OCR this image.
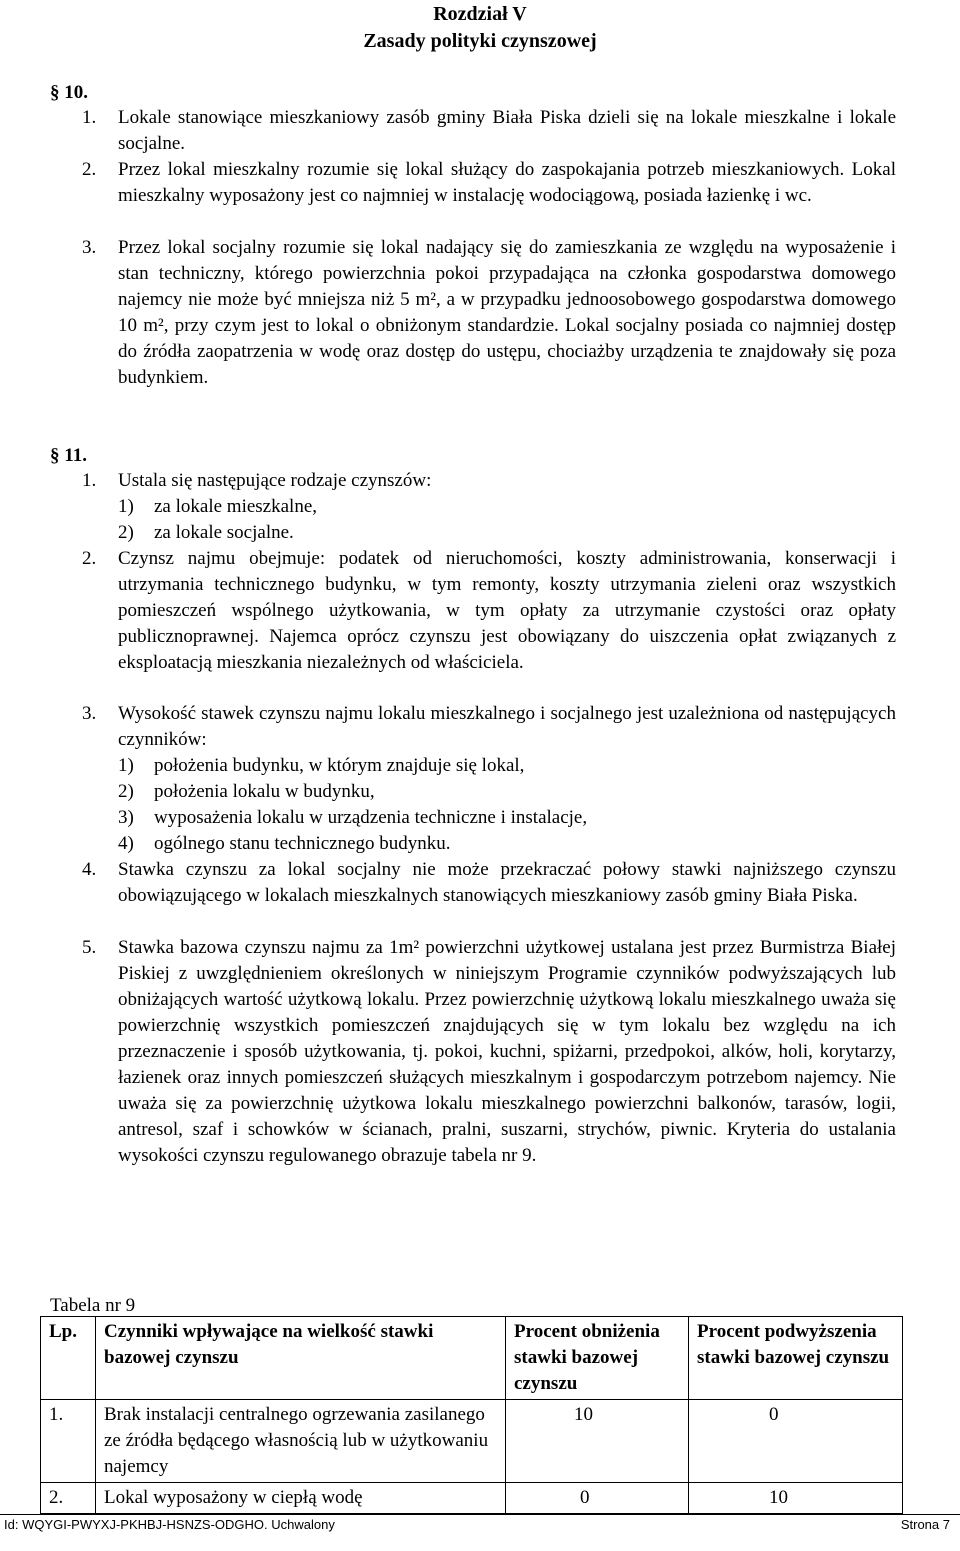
Rozdział V
Zasady polityki czynszowej
§ 10.
1. Lokale stanowiące mieszkaniowy zasób gminy Biała Piska dzieli się na lokale mieszkalne i lokale socjalne.
2. Przez lokal mieszkalny rozumie się lokal służący do zaspokajania potrzeb mieszkaniowych. Lokal mieszkalny wyposażony jest co najmniej w instalację wodociągową, posiada łazienkę i wc.
3. Przez lokal socjalny rozumie się lokal nadający się do zamieszkania ze względu na wyposażenie i stan techniczny, którego powierzchnia pokoi przypadająca na członka gospodarstwa domowego najemcy nie może być mniejsza niż 5 m², a w przypadku jednoosobowego gospodarstwa domowego 10 m², przy czym jest to lokal o obniżonym standardzie. Lokal socjalny posiada co najmniej dostęp do źródła zaopatrzenia w wodę oraz dostęp do ustępu, chociażby urządzenia te znajdowały się poza budynkiem.
§ 11.
1. Ustala się następujące rodzaje czynszów:
1) za lokale mieszkalne,
2) za lokale socjalne.
2. Czynsz najmu obejmuje: podatek od nieruchomości, koszty administrowania, konserwacji i utrzymania technicznego budynku, w tym remonty, koszty utrzymania zieleni oraz wszystkich pomieszczeń wspólnego użytkowania, w tym opłaty za utrzymanie czystości oraz opłaty publicznoprawnej. Najemca oprócz czynszu jest obowiązany do uiszczenia opłat związanych z eksploatacją mieszkania niezależnych od właściciela.
3. Wysokość stawek czynszu najmu lokalu mieszkalnego i socjalnego jest uzależniona od następujących czynników:
1) położenia budynku, w którym znajduje się lokal,
2) położenia lokalu w budynku,
3) wyposażenia lokalu w urządzenia techniczne i instalacje,
4) ogólnego stanu technicznego budynku.
4. Stawka czynszu za lokal socjalny nie może przekraczać połowy stawki najniższego czynszu obowiązującego w lokalach mieszkalnych stanowiących mieszkaniowy zasób gminy Biała Piska.
5. Stawka bazowa czynszu najmu za 1m² powierzchni użytkowej ustalana jest przez Burmistrza Białej Piskiej z uwzględnieniem określonych w niniejszym Programie czynników podwyższających lub obniżających wartość użytkową lokalu. Przez powierzchnię użytkową lokalu mieszkalnego uważa się powierzchnię wszystkich pomieszczeń znajdujących się w tym lokalu bez względu na ich przeznaczenie i sposób użytkowania, tj. pokoi, kuchni, spiżarni, przedpokoi, alków, holi, korytarzy, łazienek oraz innych pomieszczeń służących mieszkalnym i gospodarczym potrzebom najemcy. Nie uważa się za powierzchnię użytkowa lokalu mieszkalnego powierzchni balkonów, tarasów, logii, antresol, szaf i schowków w ścianach, pralni, suszarni, strychów, piwnic. Kryteria do ustalania wysokości czynszu regulowanego obrazuje tabela nr 9.
Tabela nr 9
Lp.	Czynniki wpływające na wielkość stawki bazowej czynszu	Procent obniżenia stawki bazowej czynszu	Procent podwyższenia stawki bazowej czynszu
1.	Brak instalacji centralnego ogrzewania zasilanego ze źródła będącego własnością lub w użytkowaniu najemcy	10	0
2.	Lokal wyposażony w ciepłą wodę	0	10
Id: WQYGI-PWYXJ-PKHBJ-HSNZS-ODGHO. Uchwalony	Strona 7
